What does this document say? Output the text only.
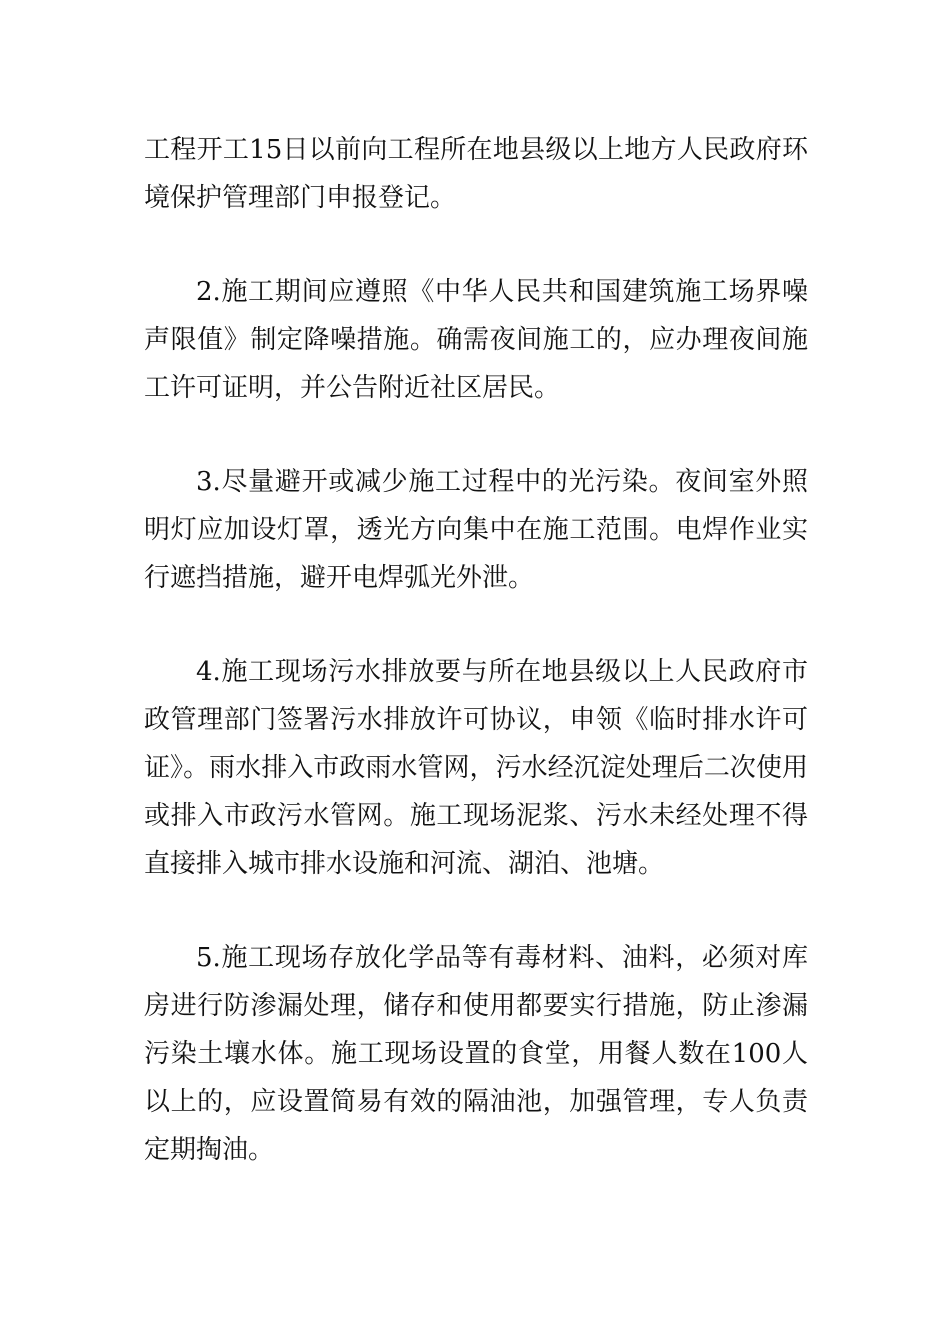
工程开工15日以前向工程所在地县级以上地方人民政府环境保护管理部门申报登记。

2.施工期间应遵照《中华人民共和国建筑施工场界噪声限值》制定降噪措施。确需夜间施工的，应办理夜间施工许可证明，并公告附近社区居民。

3.尽量避开或减少施工过程中的光污染。夜间室外照明灯应加设灯罩，透光方向集中在施工范围。电焊作业实行遮挡措施，避开电焊弧光外泄。

4.施工现场污水排放要与所在地县级以上人民政府市政管理部门签署污水排放许可协议，申领《临时排水许可证》。雨水排入市政雨水管网，污水经沉淀处理后二次使用或排入市政污水管网。施工现场泥浆、污水未经处理不得直接排入城市排水设施和河流、湖泊、池塘。

5.施工现场存放化学品等有毒材料、油料，必须对库房进行防渗漏处理，储存和使用都要实行措施，防止渗漏污染土壤水体。施工现场设置的食堂，用餐人数在100人以上的，应设置简易有效的隔油池，加强管理，专人负责定期掏油。
